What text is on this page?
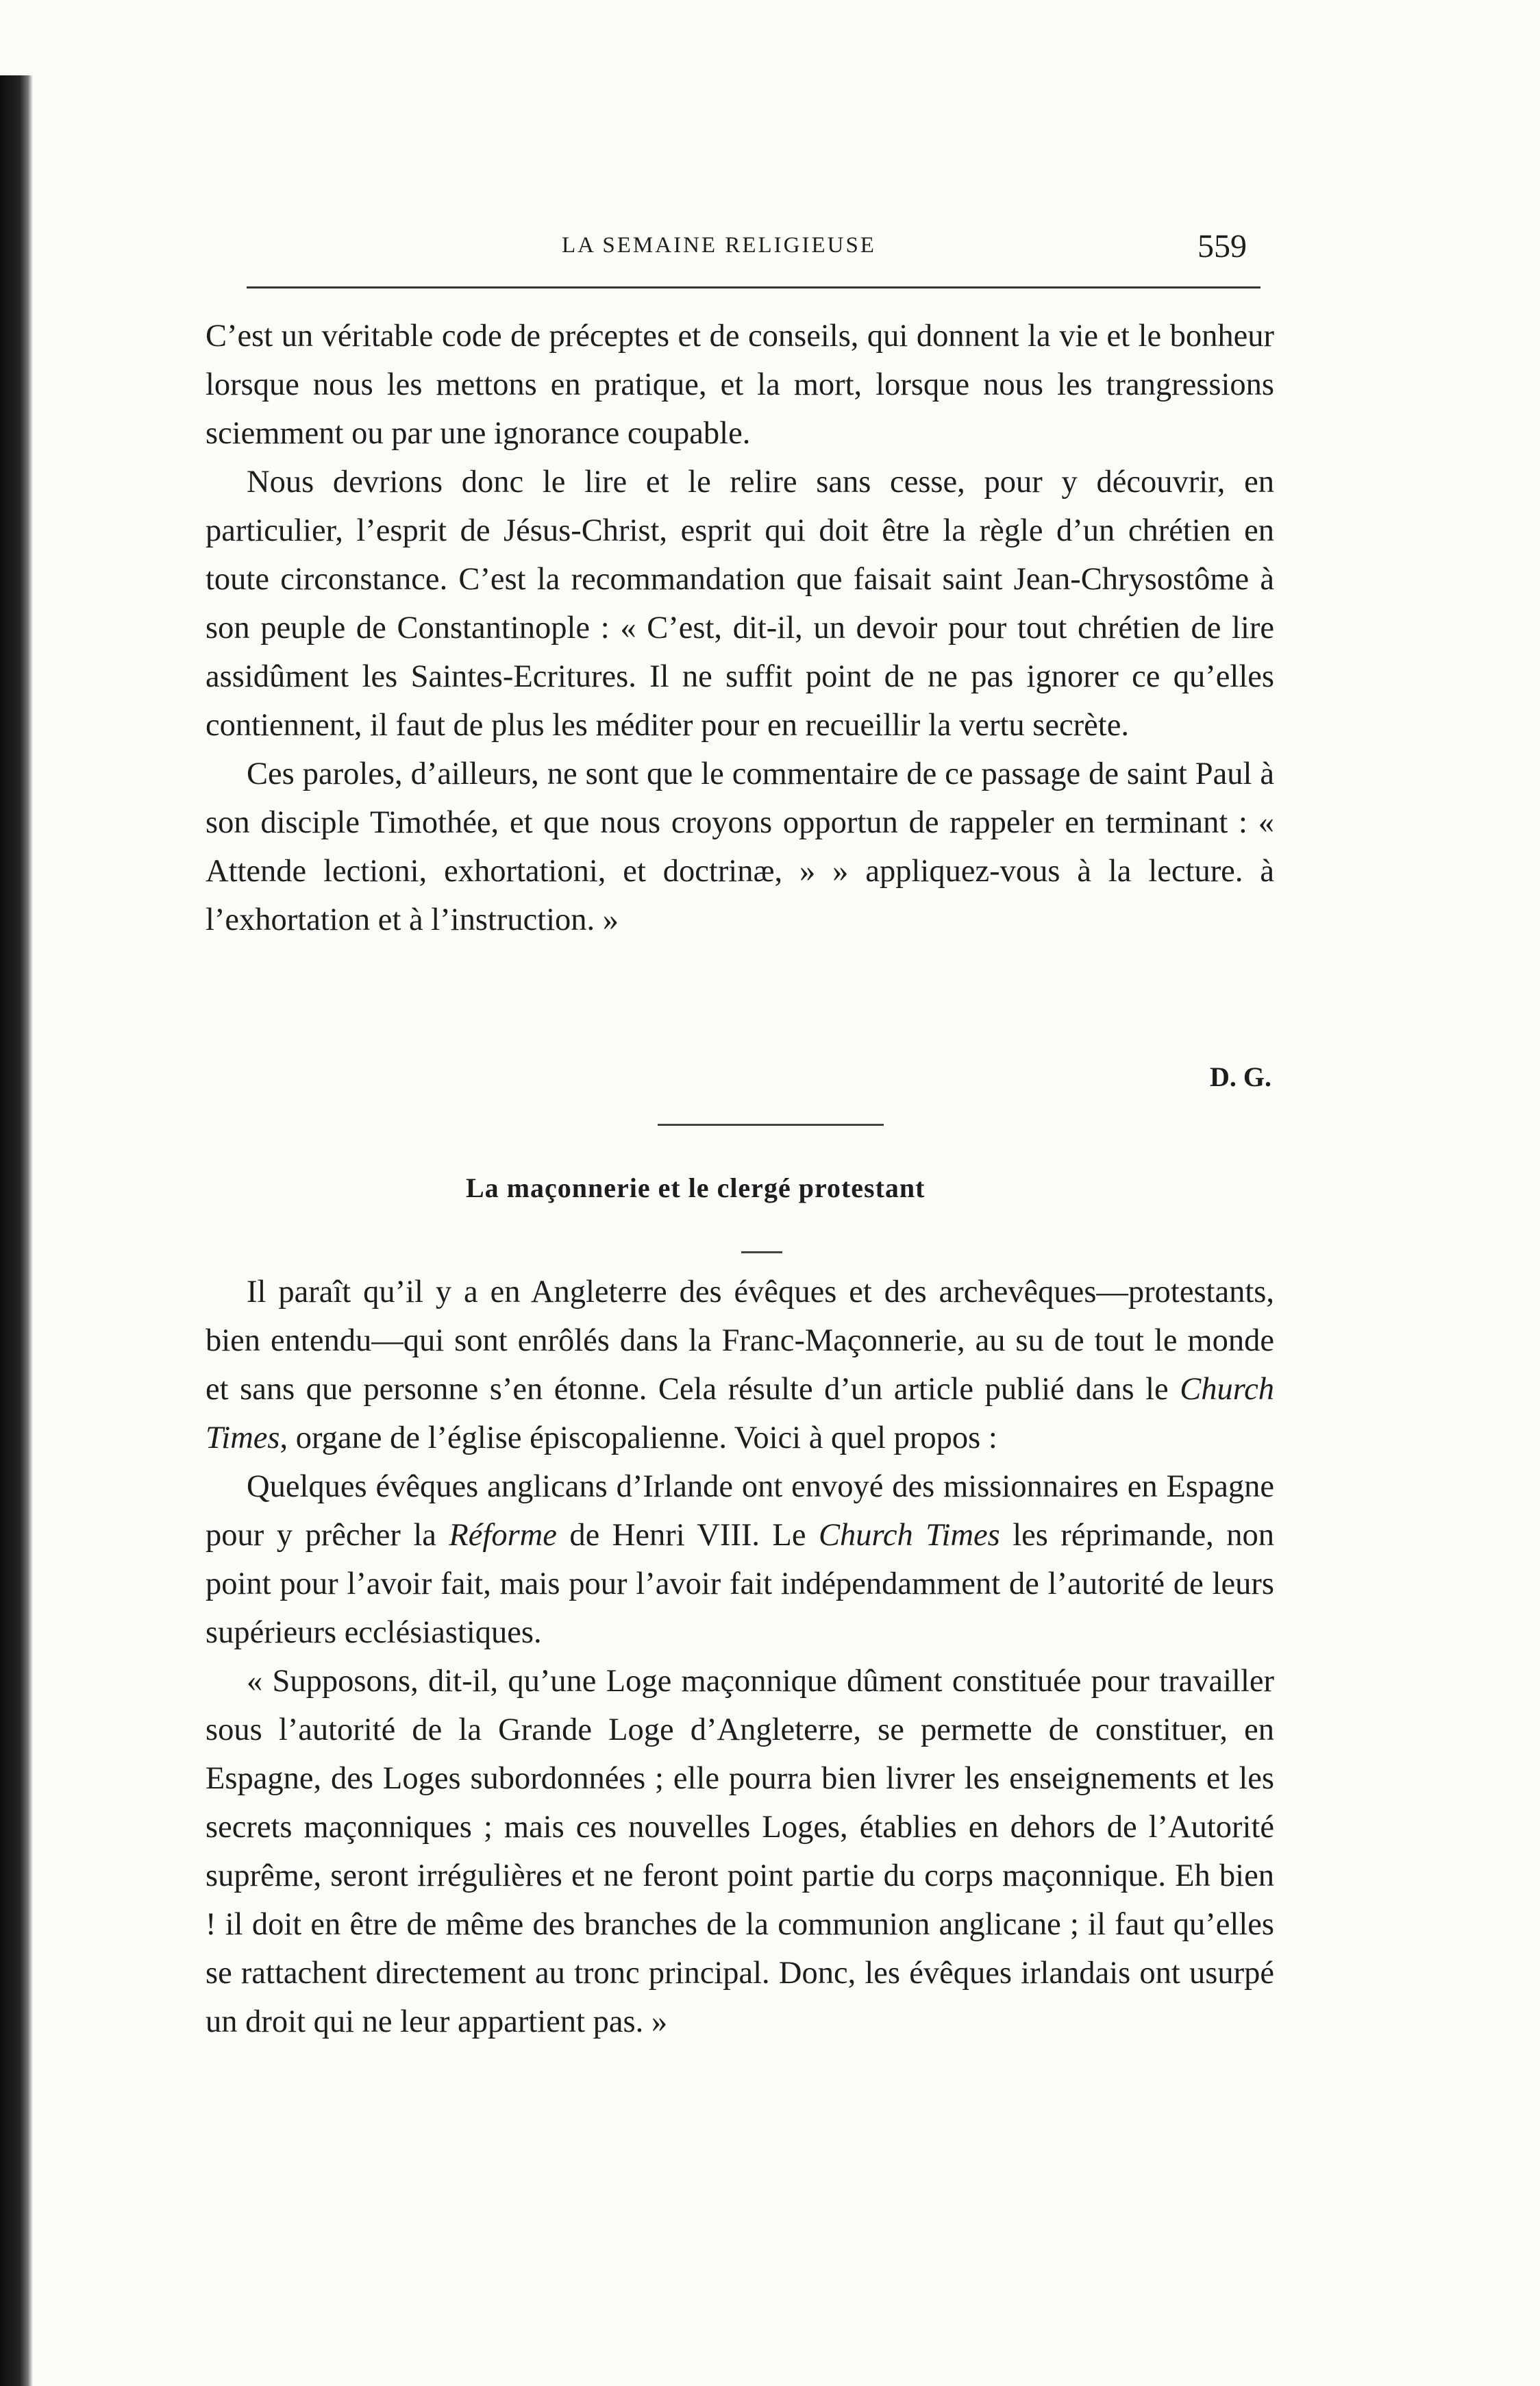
LA SEMAINE RELIGIEUSE	559

C’est un véritable code de préceptes et de conseils, qui donnent la vie et le bonheur lorsque nous les mettons en pratique, et la mort, lorsque nous les trangressions sciemment ou par une ignorance coupable.

Nous devrions donc le lire et le relire sans cesse, pour y découvrir, en particulier, l’esprit de Jésus-Christ, esprit qui doit être la règle d’un chrétien en toute circonstance. C’est la recommandation que faisait saint Jean-Chrysostôme à son peuple de Constantinople : « C’est, dit-il, un devoir pour tout chrétien de lire assidûment les Saintes-Ecritures. Il ne suffit point de ne pas ignorer ce qu’elles contiennent, il faut de plus les méditer pour en recueillir la vertu secrète.

Ces paroles, d’ailleurs, ne sont que le commentaire de ce passage de saint Paul à son disciple Timothée, et que nous croyons opportun de rappeler en terminant : « Attende lectioni, exhortationi, et doctrinæ, » » appliquez-vous à la lecture. à l’exhortation et à l’instruction. »

D. G.
La maçonnerie et le clergé protestant

Il paraît qu’il y a en Angleterre des évêques et des archevêques—protestants, bien entendu—qui sont enrôlés dans la Franc-Maçonnerie, au su de tout le monde et sans que personne s’en étonne. Cela résulte d’un article publié dans le Church Times, organe de l’église épiscopalienne. Voici à quel propos :

Quelques évêques anglicans d’Irlande ont envoyé des missionnaires en Espagne pour y prêcher la Réforme de Henri VIII. Le Church Times les réprimande, non point pour l’avoir fait, mais pour l’avoir fait indépendamment de l’autorité de leurs supérieurs ecclésiastiques.

« Supposons, dit-il, qu’une Loge maçonnique dûment constituée pour travailler sous l’autorité de la Grande Loge d’Angleterre, se permette de constituer, en Espagne, des Loges subordonnées ; elle pourra bien livrer les enseignements et les secrets maçonniques ; mais ces nouvelles Loges, établies en dehors de l’Autorité suprême, seront irrégulières et ne feront point partie du corps maçonnique. Eh bien ! il doit en être de même des branches de la communion anglicane ; il faut qu’elles se rattachent directement au tronc principal. Donc, les évêques irlandais ont usurpé un droit qui ne leur appartient pas. »
